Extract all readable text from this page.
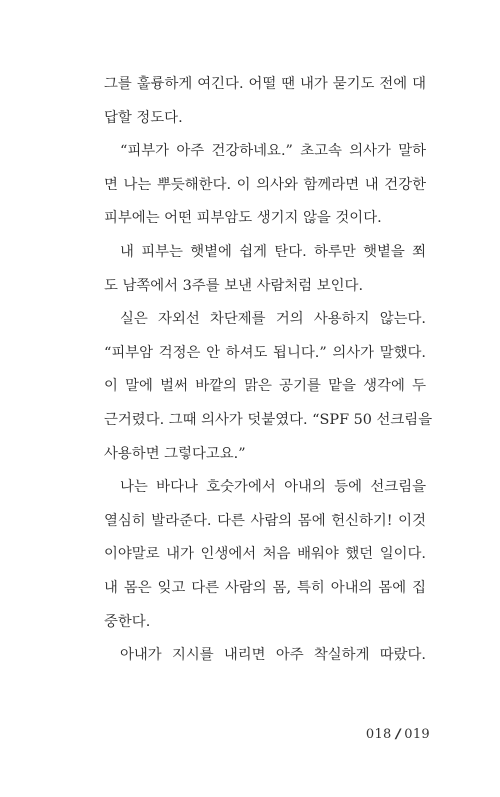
그를 훌륭하게 여긴다. 어떨 땐 내가 묻기도 전에 대
답할 정도다.
“피부가 아주 건강하네요.” 초고속 의사가 말하
면 나는 뿌듯해한다. 이 의사와 함께라면 내 건강한
피부에는 어떤 피부암도 생기지 않을 것이다.
내 피부는 햇볕에 쉽게 탄다. 하루만 햇볕을 쬐
도 남쪽에서 3주를 보낸 사람처럼 보인다.
실은 자외선 차단제를 거의 사용하지 않는다.
“피부암 걱정은 안 하셔도 됩니다.” 의사가 말했다.
이 말에 벌써 바깥의 맑은 공기를 맡을 생각에 두
근거렸다. 그때 의사가 덧붙였다. “SPF 50 선크림을
사용하면 그렇다고요.”
나는 바다나 호숫가에서 아내의 등에 선크림을
열심히 발라준다. 다른 사람의 몸에 헌신하기! 이것
이야말로 내가 인생에서 처음 배워야 했던 일이다.
내 몸은 잊고 다른 사람의 몸, 특히 아내의 몸에 집
중한다.
아내가 지시를 내리면 아주 착실하게 따랐다.
018 / 019
